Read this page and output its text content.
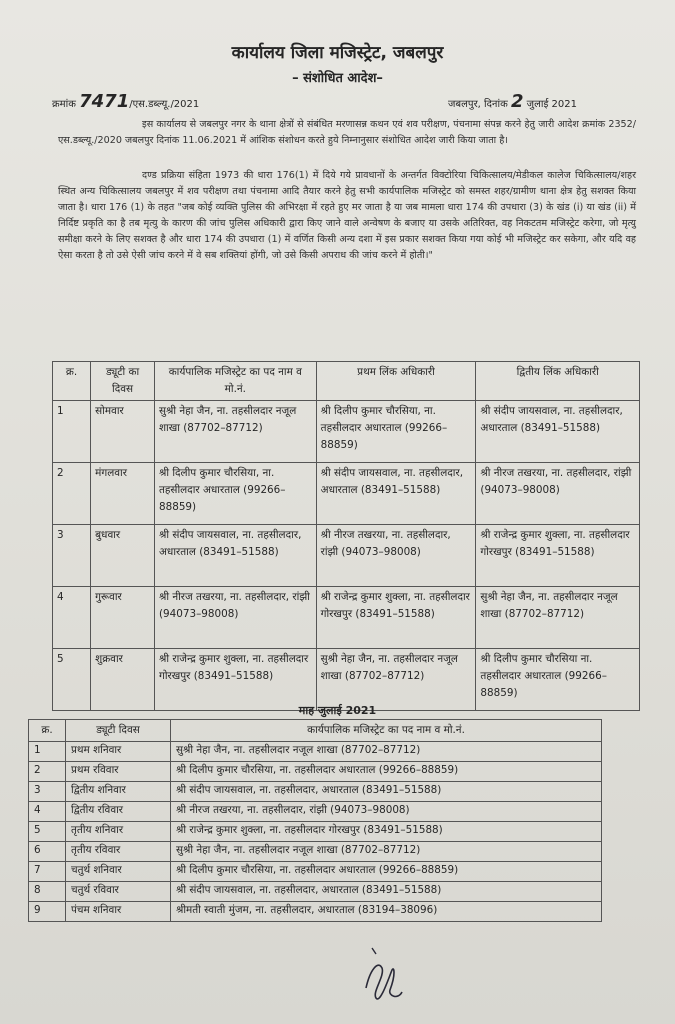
कार्यालय जिला मजिस्ट्रेट, जबलपुर
– संशोधित आदेश–
क्रमांक 7471/एस.डब्ल्यू./2021	जबलपुर, दिनांक 2 जुलाई 2021
इस कार्यालय से जबलपुर नगर के थाना क्षेत्रों से संबंधित मरणासन्न कथन एवं शव परीक्षण, पंचनामा संपन्न करने हेतु जारी आदेश क्रमांक 2352/एस.डब्ल्यू./2020 जबलपुर दिनांक 11.06.2021 में आंशिक संशोधन करते हुये निम्नानुसार संशोधित आदेश जारी किया जाता है।
दण्ड प्रक्रिया संहिता 1973 की धारा 176(1) में दिये गये प्रावधानों के अन्तर्गत विक्टोरिया चिकित्सालय/मेडीकल कालेज चिकित्सालय/शहर स्थित अन्य चिकित्सालय जबलपुर में शव परीक्षण तथा पंचनामा आदि तैयार करने हेतु सभी कार्यपालिक मजिस्ट्रेट को समस्त शहर/ग्रामीण थाना क्षेत्र हेतु सशक्त किया जाता है। धारा 176 (1) के तहत "जब कोई व्यक्ति पुलिस की अभिरक्षा में रहते हुए मर जाता है या जब मामला धारा 174 की उपधारा (3) के खंड (i) या खंड (ii) में निर्दिष्ट प्रकृति का है तब मृत्यु के कारण की जांच पुलिस अधिकारी द्वारा किए जाने वाले अन्वेषण के बजाए या उसके अतिरिक्त, वह निकटतम मजिस्ट्रेट करेगा, जो मृत्यु समीक्षा करने के लिए सशक्त है और धारा 174 की उपधारा (1) में वर्णित किसी अन्य दशा में इस प्रकार सशक्त किया गया कोई भी मजिस्ट्रेट कर सकेगा, और यदि वह ऐसा करता है तो उसे ऐसी जांच करने में वे सब शक्तियां होंगी, जो उसे किसी अपराध की जांच करने में होती।"
क्र.	ड्यूटी का दिवस	कार्यपालिक मजिस्ट्रेट का पद नाम व मो.नं.	प्रथम लिंक अधिकारी	द्वितीय लिंक अधिकारी
1	सोमवार	सुश्री नेहा जैन, ना. तहसीलदार नजूल शाखा (87702–87712)	श्री दिलीप कुमार चौरसिया, ना. तहसीलदार अधारताल (99266–88859)	श्री संदीप जायसवाल, ना. तहसीलदार, अधारताल (83491–51588)
2	मंगलवार	श्री दिलीप कुमार चौरसिया, ना. तहसीलदार अधारताल (99266–88859)	श्री संदीप जायसवाल, ना. तहसीलदार, अधारताल (83491–51588)	श्री नीरज तखरया, ना. तहसीलदार, रांझी (94073–98008)
3	बुधवार	श्री संदीप जायसवाल, ना. तहसीलदार, अधारताल (83491–51588)	श्री नीरज तखरया, ना. तहसीलदार, रांझी (94073–98008)	श्री राजेन्द्र कुमार शुक्ला, ना. तहसीलदार गोरखपुर (83491–51588)
4	गुरूवार	श्री नीरज तखरया, ना. तहसीलदार, रांझी (94073–98008)	श्री राजेन्द्र कुमार शुक्ला, ना. तहसीलदार गोरखपुर (83491–51588)	सुश्री नेहा जैन, ना. तहसीलदार नजूल शाखा (87702–87712)
5	शुक्रवार	श्री राजेन्द्र कुमार शुक्ला, ना. तहसीलदार गोरखपुर (83491–51588)	सुश्री नेहा जैन, ना. तहसीलदार नजूल शाखा (87702–87712)	श्री दिलीप कुमार चौरसिया ना. तहसीलदार अधारताल (99266–88859)
माह जुलाई 2021
क्र.	ड्यूटी दिवस	कार्यपालिक मजिस्ट्रेट का पद नाम व मो.नं.
1	प्रथम शनिवार	सुश्री नेहा जैन, ना. तहसीलदार नजूल शाखा (87702–87712)
2	प्रथम रविवार	श्री दिलीप कुमार चौरसिया, ना. तहसीलदार अधारताल (99266–88859)
3	द्वितीय शनिवार	श्री संदीप जायसवाल, ना. तहसीलदार, अधारताल (83491–51588)
4	द्वितीय रविवार	श्री नीरज तखरया, ना. तहसीलदार, रांझी (94073–98008)
5	तृतीय शनिवार	श्री राजेन्द्र कुमार शुक्ला, ना. तहसीलदार गोरखपुर (83491–51588)
6	तृतीय रविवार	सुश्री नेहा जैन, ना. तहसीलदार नजूल शाखा (87702–87712)
7	चतुर्थ शनिवार	श्री दिलीप कुमार चौरसिया, ना. तहसीलदार अधारताल (99266–88859)
8	चतुर्थ रविवार	श्री संदीप जायसवाल, ना. तहसीलदार, अधारताल (83491–51588)
9	पंचम शनिवार	श्रीमती स्वाती मुंजम, ना. तहसीलदार, अधारताल (83194–38096)
